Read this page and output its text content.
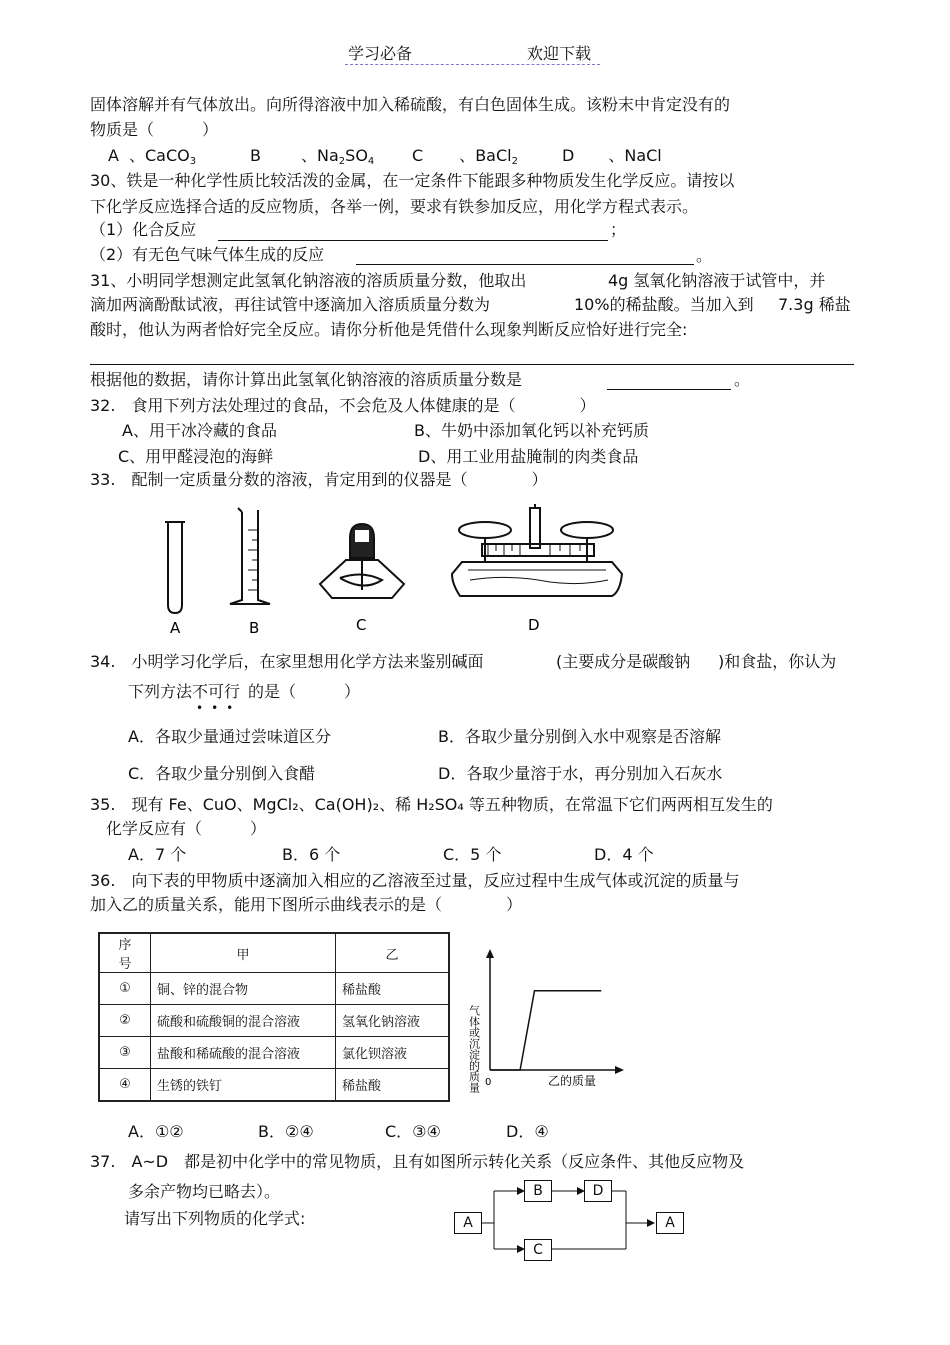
学习必备	欢迎下载
固体溶解并有气体放出。向所得溶液中加入稀硫酸，有白色固体生成。该粉末中肯定没有的
物质是（　　　）
A 、CaCO$_3$	B	、$Na_2SO_4$ C 、BaCl$_2$	D 、NaCl
30、铁是一种化学性质比较活泼的金属，在一定条件下能跟多种物质发生化学反应。请按以
下化学反应选择合适的反应物质，各举一例，要求有铁参加反应，用化学方程式表示。
（1）化合反应	；
（2）有无色气味气体生成的反应	。
31、小明同学想测定此氢氧化钠溶液的溶质质量分数，他取出	4g 氢氧化钠溶液于试管中，并
滴加两滴酚酞试液，再往试管中逐滴加入溶质质量分数为	10%的稀盐酸。当加入到 7.3g 稀盐
酸时，他认为两者恰好完全反应。请你分析他是凭借什么现象判断反应恰好进行完全:
根据他的数据，请你计算出此氢氧化钠溶液的溶质质量分数是	。
32.　食用下列方法处理过的食品，不会危及人体健康的是（　　　　）
A、用干冰冷藏的食品	B、牛奶中添加氧化钙以补充钙质
C、用甲醛浸泡的海鲜	D、用工业用盐腌制的肉类食品
33.　配制一定质量分数的溶液，肯定用到的仪器是（　　　　）
A	B	C	D
34.　小明学习化学后，在家里想用化学方法来鉴别碱面	(主要成分是碳酸钠 )和食盐，你认为
下列方法不可行 的是（　　　）
•••
A．各取少量通过尝味道区分	B．各取少量分别倒入水中观察是否溶解
C．各取少量分别倒入食醋	D．各取少量溶于水，再分别加入石灰水
35.　现有 Fe、CuO、MgCl₂、Ca(OH)₂、稀 H₂SO₄ 等五种物质，在常温下它们两两相互发生的
化学反应有（　　　）
A．7 个	B．6 个	C．5 个	D．4 个
36.　向下表的甲物质中逐滴加入相应的乙溶液至过量，反应过程中生成气体或沉淀的质量与
加入乙的质量关系，能用下图所示曲线表示的是（　　　　）
序　号	甲	乙
①	铜、锌的混合物	稀盐酸
②	硫酸和硫酸铜的混合溶液	氢氧化钠溶液
③	盐酸和稀硫酸的混合溶液	氯化钡溶液
④	生锈的铁钉	稀盐酸	气体或沉淀的质量 0	乙的质量
A．①②	B．②④	C．③④	D．④
37.　A~D　都是初中化学中的常见物质，且有如图所示转化关系（反应条件、其他反应物及
多余产物均已略去）。
请写出下列物质的化学式:	A
B	D
C
A
